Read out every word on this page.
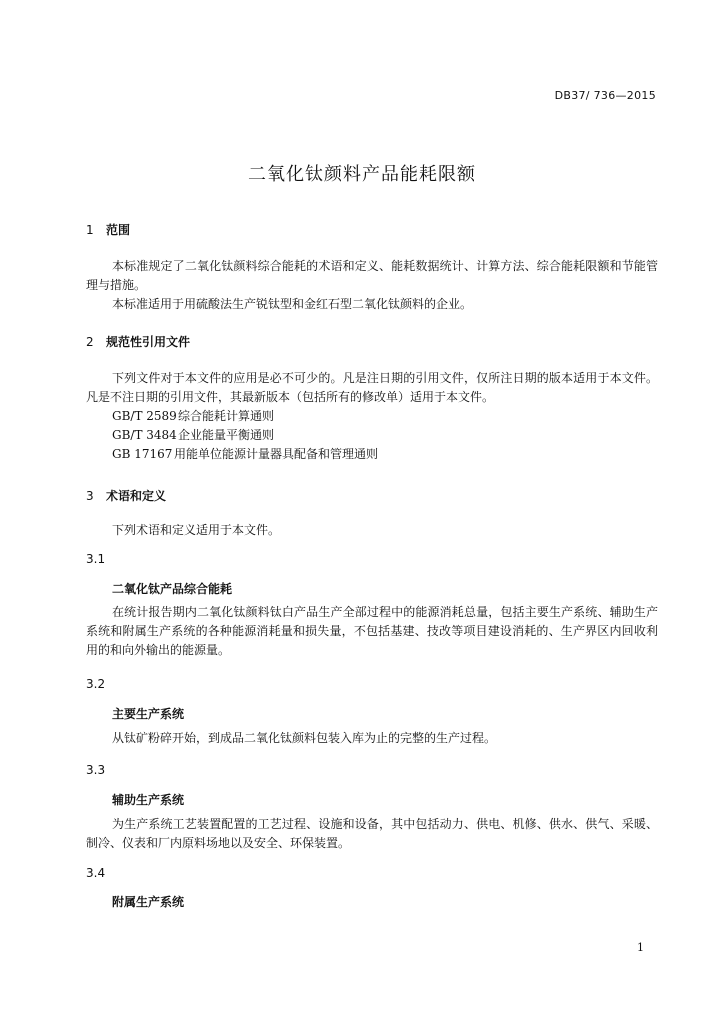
DB37/ 736—2015
二氧化钛颜料产品能耗限额
1 范围
本标准规定了二氧化钛颜料综合能耗的术语和定义、能耗数据统计、计算方法、综合能耗限额和节能管理与措施。
本标准适用于用硫酸法生产锐钛型和金红石型二氧化钛颜料的企业。
2 规范性引用文件
下列文件对于本文件的应用是必不可少的。凡是注日期的引用文件，仅所注日期的版本适用于本文件。凡是不注日期的引用文件，其最新版本（包括所有的修改单）适用于本文件。
GB/T 2589综合能耗计算通则
GB/T 3484企业能量平衡通则
GB 17167 用能单位能源计量器具配备和管理通则
3 术语和定义
下列术语和定义适用于本文件。
3.1
二氧化钛产品综合能耗
在统计报告期内二氧化钛颜料钛白产品生产全部过程中的能源消耗总量，包括主要生产系统、辅助生产系统和附属生产系统的各种能源消耗量和损失量，不包括基建、技改等项目建设消耗的、生产界区内回收利用的和向外输出的能源量。
3.2
主要生产系统
从钛矿粉碎开始，到成品二氧化钛颜料包装入库为止的完整的生产过程。
3.3
辅助生产系统
为生产系统工艺装置配置的工艺过程、设施和设备，其中包括动力、供电、机修、供水、供气、采暖、制冷、仪表和厂内原料场地以及安全、环保装置。
3.4
附属生产系统
1
